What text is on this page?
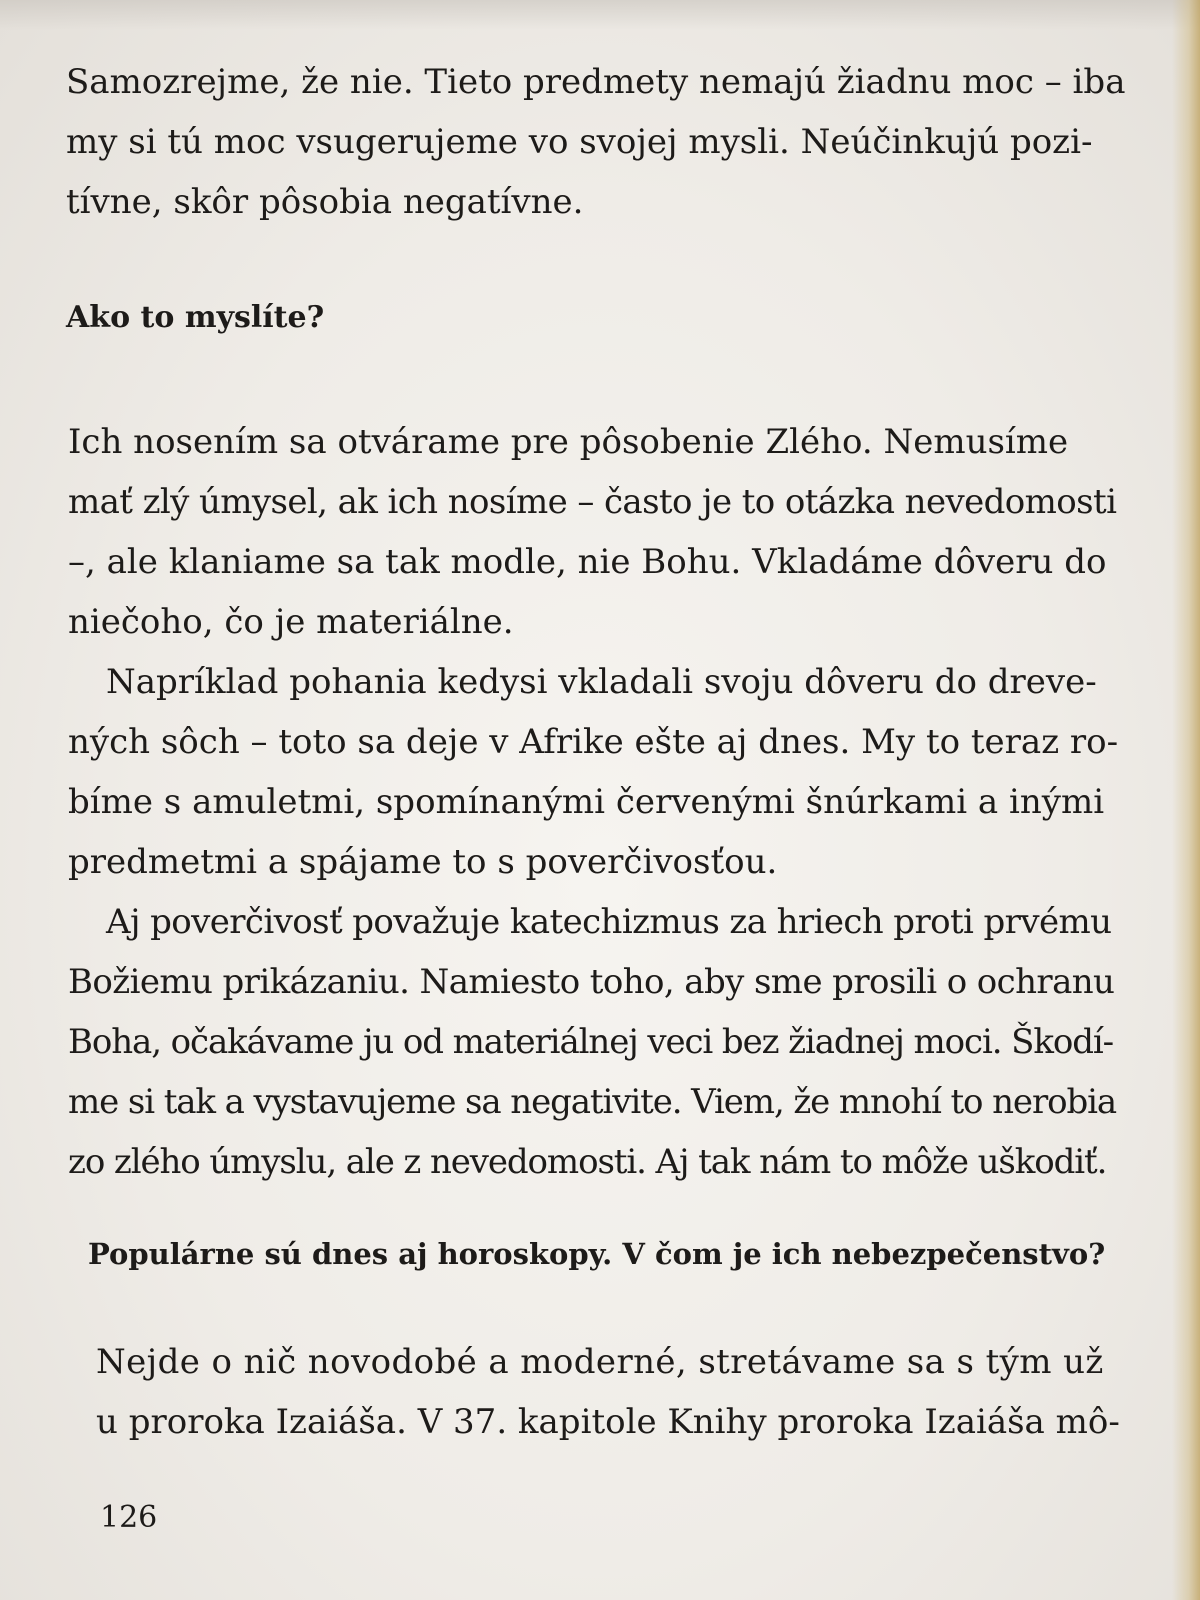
Samozrejme, že nie. Tieto predmety nemajú žiadnu moc – iba
my si tú moc vsugerujeme vo svojej mysli. Neúčinkujú pozi-
tívne, skôr pôsobia negatívne.
Ako to myslíte?
Ich nosením sa otvárame pre pôsobenie Zlého. Nemusíme
mať zlý úmysel, ak ich nosíme – často je to otázka nevedomosti
–, ale klaniame sa tak modle, nie Bohu. Vkladáme dôveru do
niečoho, čo je materiálne.
Napríklad pohania kedysi vkladali svoju dôveru do dreve-
ných sôch – toto sa deje v Afrike ešte aj dnes. My to teraz ro-
bíme s amuletmi, spomínanými červenými šnúrkami a inými
predmetmi a spájame to s poverčivosťou.
Aj poverčivosť považuje katechizmus za hriech proti prvému
Božiemu prikázaniu. Namiesto toho, aby sme prosili o ochranu
Boha, očakávame ju od materiálnej veci bez žiadnej moci. Škodí-
me si tak a vystavujeme sa negativite. Viem, že mnohí to nerobia
zo zlého úmyslu, ale z nevedomosti. Aj tak nám to môže uškodiť.
Populárne sú dnes aj horoskopy. V čom je ich nebezpečenstvo?
Nejde o nič novodobé a moderné, stretávame sa s tým už
u proroka Izaiáša. V 37. kapitole Knihy proroka Izaiáša mô-
126
